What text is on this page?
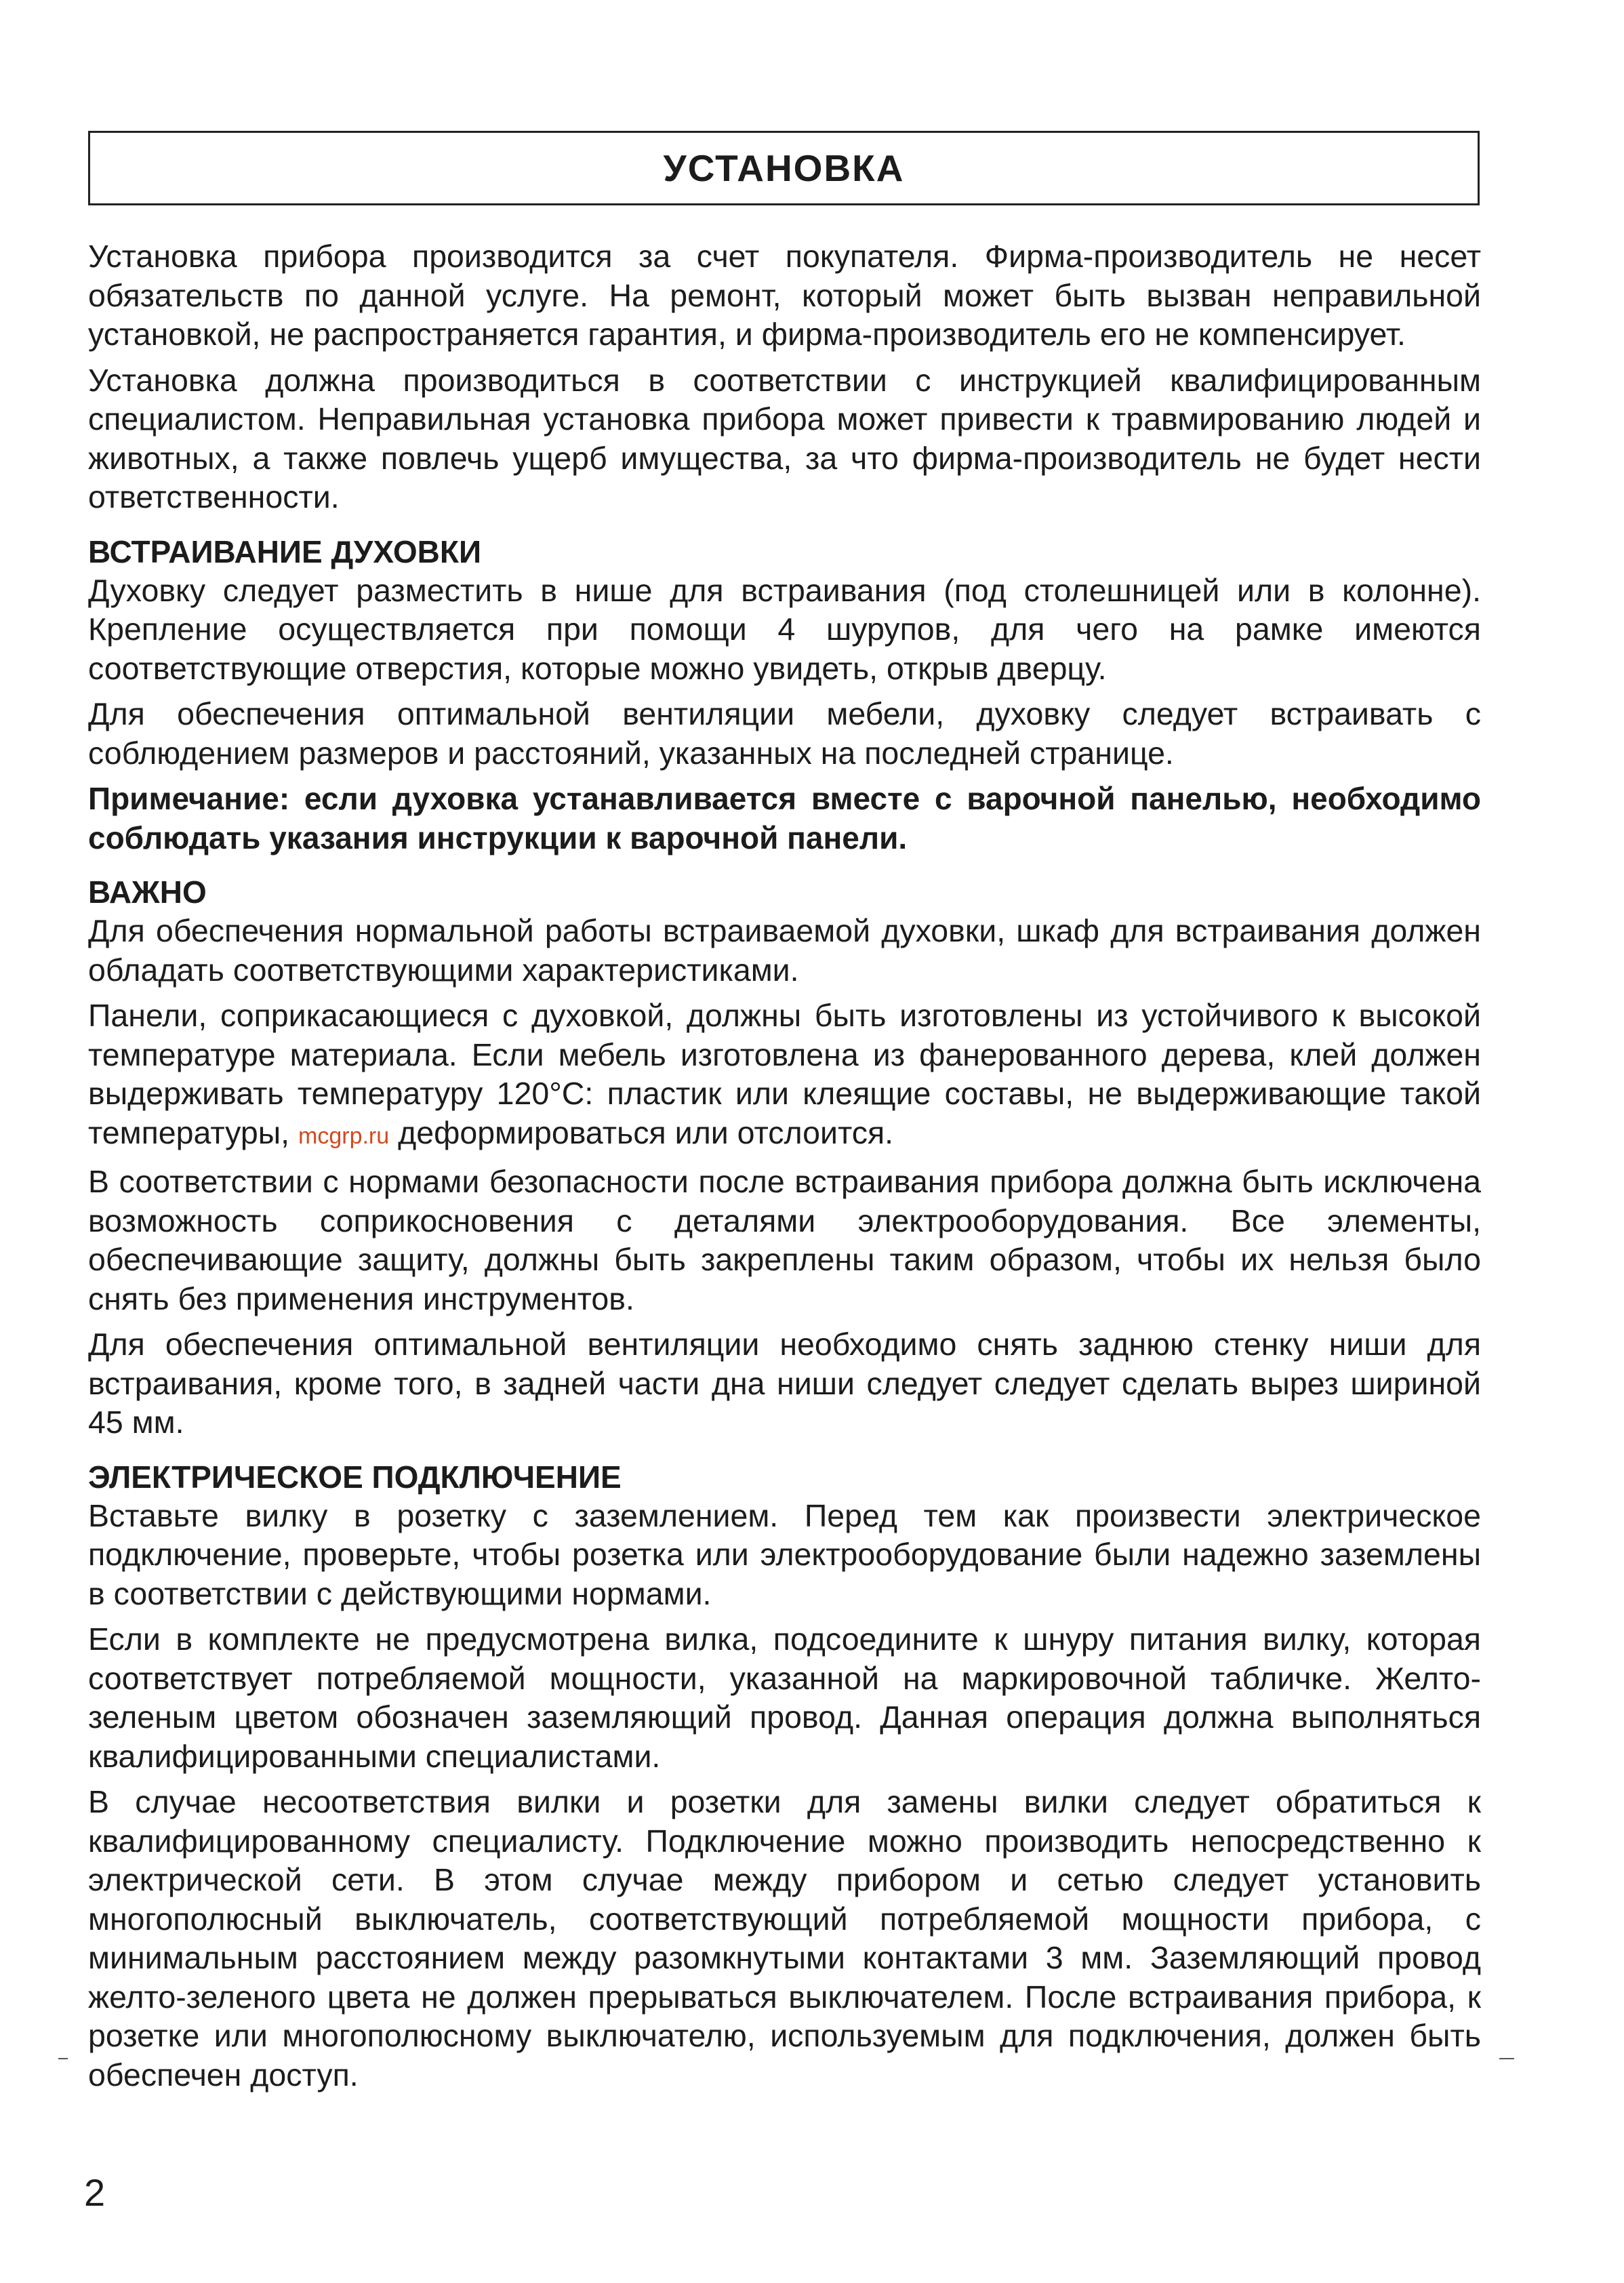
УСТАНОВКА

Установка прибора производится за счет покупателя. Фирма-производитель не несет обязательств по данной услуге. На ремонт, который может быть вызван неправильной установкой, не распространяется гарантия, и фирма-производитель его не компенсирует.

Установка должна производиться в соответствии с инструкцией квалифицированным специалистом. Неправильная установка прибора может привести к травмированию людей и животных, а также повлечь ущерб имущества, за что фирма-производитель не будет нести ответственности.

ВСТРАИВАНИЕ ДУХОВКИ

Духовку следует разместить в нише для встраивания (под столешницей или в колонне). Крепление осуществляется при помощи 4 шурупов, для чего на рамке имеются соответствующие отверстия, которые можно увидеть, открыв дверцу.

Для обеспечения оптимальной вентиляции мебели, духовку следует встраивать с соблюдением размеров и расстояний, указанных на последней странице.

Примечание: если духовка устанавливается вместе с варочной панелью, необходимо соблюдать указания инструкции к варочной панели.

ВАЖНО

Для обеспечения нормальной работы встраиваемой духовки, шкаф для встраивания должен обладать соответствующими характеристиками.

Панели, соприкасающиеся с духовкой, должны быть изготовлены из устойчивого к высокой температуре материала. Если мебель изготовлена из фанерованного дерева, клей должен выдерживать температуру 120°С: пластик или клеящие составы, не выдерживающие такой температуры, mcgrp.ru деформироваться или отслоится.

В соответствии с нормами безопасности после встраивания прибора должна быть исключена возможность соприкосновения с деталями электрооборудования. Все элементы, обеспечивающие защиту, должны быть закреплены таким образом, чтобы их нельзя было снять без применения инструментов.

Для обеспечения оптимальной вентиляции необходимо снять заднюю стенку ниши для встраивания, кроме того, в задней части дна ниши следует следует сделать вырез шириной 45 мм.

ЭЛЕКТРИЧЕСКОЕ ПОДКЛЮЧЕНИЕ

Вставьте вилку в розетку с заземлением. Перед тем как произвести электрическое подключение, проверьте, чтобы розетка или электрооборудование были надежно заземлены в соответствии с действующими нормами.

Если в комплекте не предусмотрена вилка, подсоедините к шнуру питания вилку, которая соответствует потребляемой мощности, указанной на маркировочной табличке. Желто-зеленым цветом обозначен заземляющий провод. Данная операция должна выполняться квалифицированными специалистами.

В случае несоответствия вилки и розетки для замены вилки следует обратиться к квалифицированному специалисту. Подключение можно производить непосредственно к электрической сети. В этом случае между прибором и сетью следует установить многополюсный выключатель, соответствующий потребляемой мощности прибора, с минимальным расстоянием между разомкнутыми контактами 3 мм. Заземляющий провод желто-зеленого цвета не должен прерываться выключателем. После встраивания прибора, к розетке или многополюсному выключателю, используемым для подключения, должен быть обеспечен доступ.

2
